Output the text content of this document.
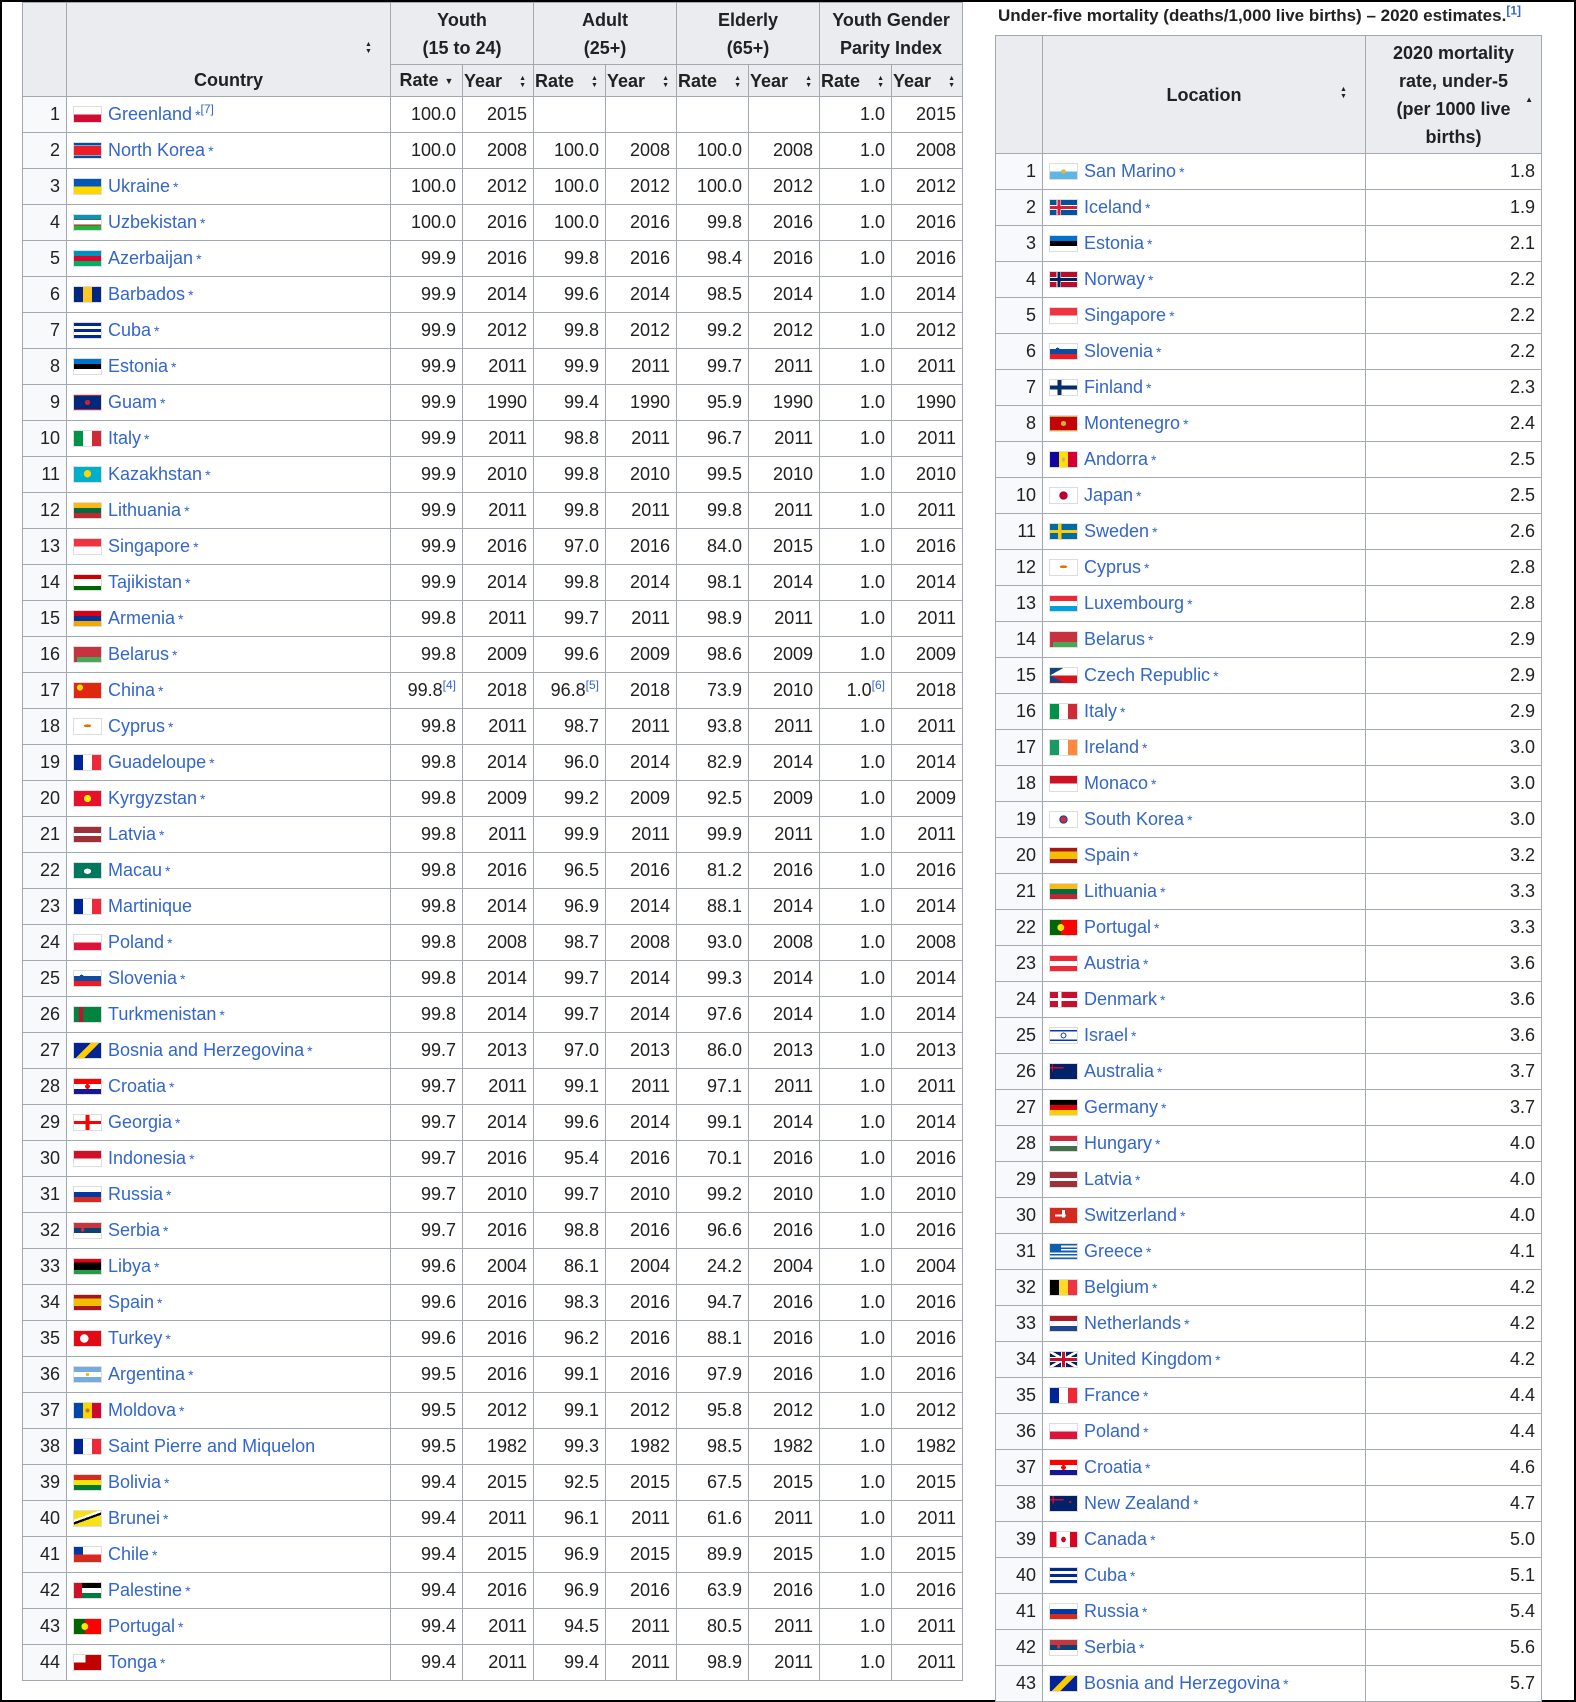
	Country
▲▼	Youth
(15 to 24)		Adult
(25+)		Elderly
(65+)		Youth Gender
Parity Index	

		Rate ▼	Year ▲▼	Rate ▲▼	Year ▲▼	Rate ▲▼	Year ▲▼	Rate ▲▼	Year ▲▼
1	Greenland *[7]	100.0	2015					1.0	2015
2	North Korea *	100.0	2008	100.0	2008	100.0	2008	1.0	2008
3	Ukraine *	100.0	2012	100.0	2012	100.0	2012	1.0	2012
4	Uzbekistan *	100.0	2016	100.0	2016	99.8	2016	1.0	2016
5	Azerbaijan *	99.9	2016	99.8	2016	98.4	2016	1.0	2016
6	Barbados *	99.9	2014	99.6	2014	98.5	2014	1.0	2014
7	Cuba *	99.9	2012	99.8	2012	99.2	2012	1.0	2012
8	Estonia *	99.9	2011	99.9	2011	99.7	2011	1.0	2011
9	Guam *	99.9	1990	99.4	1990	95.9	1990	1.0	1990
10	Italy *	99.9	2011	98.8	2011	96.7	2011	1.0	2011
11	Kazakhstan *	99.9	2010	99.8	2010	99.5	2010	1.0	2010
12	Lithuania *	99.9	2011	99.8	2011	99.8	2011	1.0	2011
13	Singapore *	99.9	2016	97.0	2016	84.0	2015	1.0	2016
14	Tajikistan *	99.9	2014	99.8	2014	98.1	2014	1.0	2014
15	Armenia *	99.8	2011	99.7	2011	98.9	2011	1.0	2011
16	Belarus *	99.8	2009	99.6	2009	98.6	2009	1.0	2009
17	China *	99.8[4]	2018	96.8[5]	2018	73.9	2010	1.0[6]	2018
18	Cyprus *	99.8	2011	98.7	2011	93.8	2011	1.0	2011
19	Guadeloupe *	99.8	2014	96.0	2014	82.9	2014	1.0	2014
20	Kyrgyzstan *	99.8	2009	99.2	2009	92.5	2009	1.0	2009
21	Latvia *	99.8	2011	99.9	2011	99.9	2011	1.0	2011
22	Macau *	99.8	2016	96.5	2016	81.2	2016	1.0	2016
23	Martinique	99.8	2014	96.9	2014	88.1	2014	1.0	2014
24	Poland *	99.8	2008	98.7	2008	93.0	2008	1.0	2008
25	Slovenia *	99.8	2014	99.7	2014	99.3	2014	1.0	2014
26	Turkmenistan *	99.8	2014	99.7	2014	97.6	2014	1.0	2014
27	Bosnia and Herzegovina *	99.7	2013	97.0	2013	86.0	2013	1.0	2013
28	Croatia *	99.7	2011	99.1	2011	97.1	2011	1.0	2011
29	Georgia *	99.7	2014	99.6	2014	99.1	2014	1.0	2014
30	Indonesia *	99.7	2016	95.4	2016	70.1	2016	1.0	2016
31	Russia *	99.7	2010	99.7	2010	99.2	2010	1.0	2010
32	Serbia *	99.7	2016	98.8	2016	96.6	2016	1.0	2016
33	Libya *	99.6	2004	86.1	2004	24.2	2004	1.0	2004
34	Spain *	99.6	2016	98.3	2016	94.7	2016	1.0	2016
35	Turkey *	99.6	2016	96.2	2016	88.1	2016	1.0	2016
36	Argentina *	99.5	2016	99.1	2016	97.9	2016	1.0	2016
37	Moldova *	99.5	2012	99.1	2012	95.8	2012	1.0	2012
38	Saint Pierre and Miquelon	99.5	1982	99.3	1982	98.5	1982	1.0	1982
39	Bolivia *	99.4	2015	92.5	2015	67.5	2015	1.0	2015
40	Brunei *	99.4	2011	96.1	2011	61.6	2011	1.0	2011
41	Chile *	99.4	2015	96.9	2015	89.9	2015	1.0	2015
42	Palestine *	99.4	2016	96.9	2016	63.9	2016	1.0	2016
43	Portugal *	99.4	2011	94.5	2011	80.5	2011	1.0	2011
44	Tonga *	99.4	2011	99.4	2011	98.9	2011	1.0	2011
Under-five mortality (deaths/1,000 live births) – 2020 estimates.[1]
	Location ▲▼	2020 mortality
rate, under-5
(per 1000 live
births)
▲

1	San Marino *	1.8
2	Iceland *	1.9
3	Estonia *	2.1
4	Norway *	2.2
5	Singapore *	2.2
6	Slovenia *	2.2
7	Finland *	2.3
8	Montenegro *	2.4
9	Andorra *	2.5
10	Japan *	2.5
11	Sweden *	2.6
12	Cyprus *	2.8
13	Luxembourg *	2.8
14	Belarus *	2.9
15	Czech Republic *	2.9
16	Italy *	2.9
17	Ireland *	3.0
18	Monaco *	3.0
19	South Korea *	3.0
20	Spain *	3.2
21	Lithuania *	3.3
22	Portugal *	3.3
23	Austria *	3.6
24	Denmark *	3.6
25	Israel *	3.6
26	Australia *	3.7
27	Germany *	3.7
28	Hungary *	4.0
29	Latvia *	4.0
30	Switzerland *	4.0
31	Greece *	4.1
32	Belgium *	4.2
33	Netherlands *	4.2
34	United Kingdom *	4.2
35	France *	4.4
36	Poland *	4.4
37	Croatia *	4.6
38	New Zealand *	4.7
39	Canada *	5.0
40	Cuba *	5.1
41	Russia *	5.4
42	Serbia *	5.6
43	Bosnia and Herzegovina *	5.7
